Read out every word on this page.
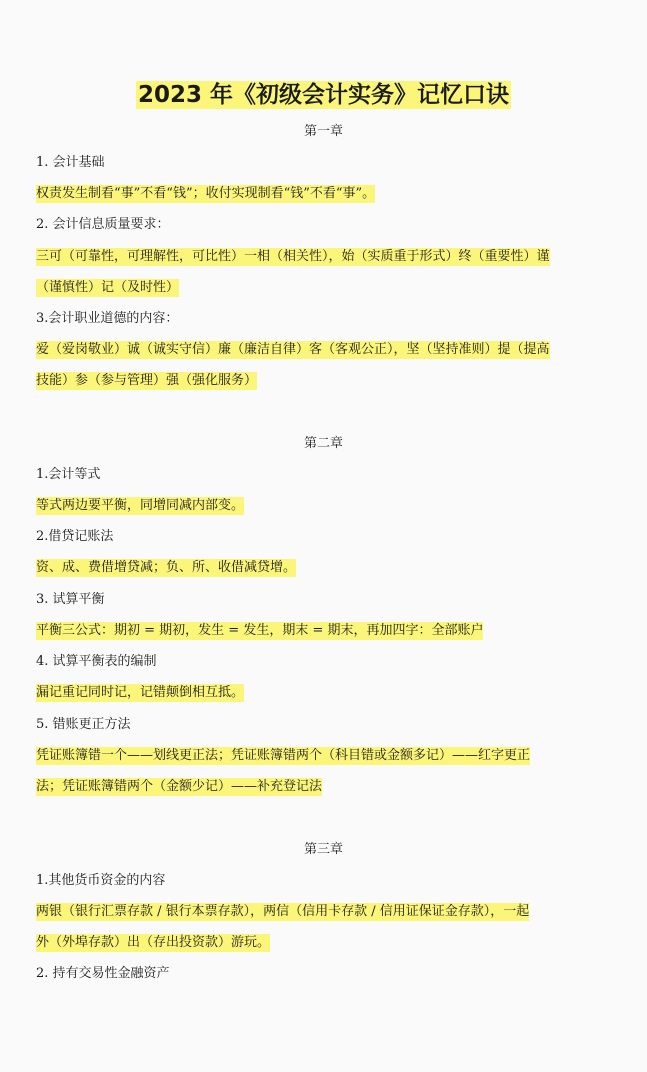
2023 年《初级会计实务》记忆口诀
第一章
1. 会计基础
权责发生制看“事”不看“钱”；收付实现制看“钱”不看“事”。
2. 会计信息质量要求：
三可（可靠性，可理解性，可比性）一相（相关性），始（实质重于形式）终（重要性）谨
（谨慎性）记（及时性）
3.会计职业道德的内容：
爱（爱岗敬业）诚（诚实守信）廉（廉洁自律）客（客观公正），坚（坚持准则）提（提高
技能）参（参与管理）强（强化服务）
第二章
1.会计等式
等式两边要平衡，同增同减内部变。
2.借贷记账法
资、成、费借增贷减；负、所、收借减贷增。
3. 试算平衡
平衡三公式：期初 = 期初，发生 = 发生，期末 = 期末，再加四字：全部账户
4. 试算平衡表的编制
漏记重记同时记，记错颠倒相互抵。
5. 错账更正方法
凭证账簿错一个——划线更正法；凭证账簿错两个（科目错或金额多记）——红字更正
法；凭证账簿错两个（金额少记）——补充登记法
第三章
1.其他货币资金的内容
两银（银行汇票存款 / 银行本票存款），两信（信用卡存款 / 信用证保证金存款），一起
外（外埠存款）出（存出投资款）游玩。
2. 持有交易性金融资产
